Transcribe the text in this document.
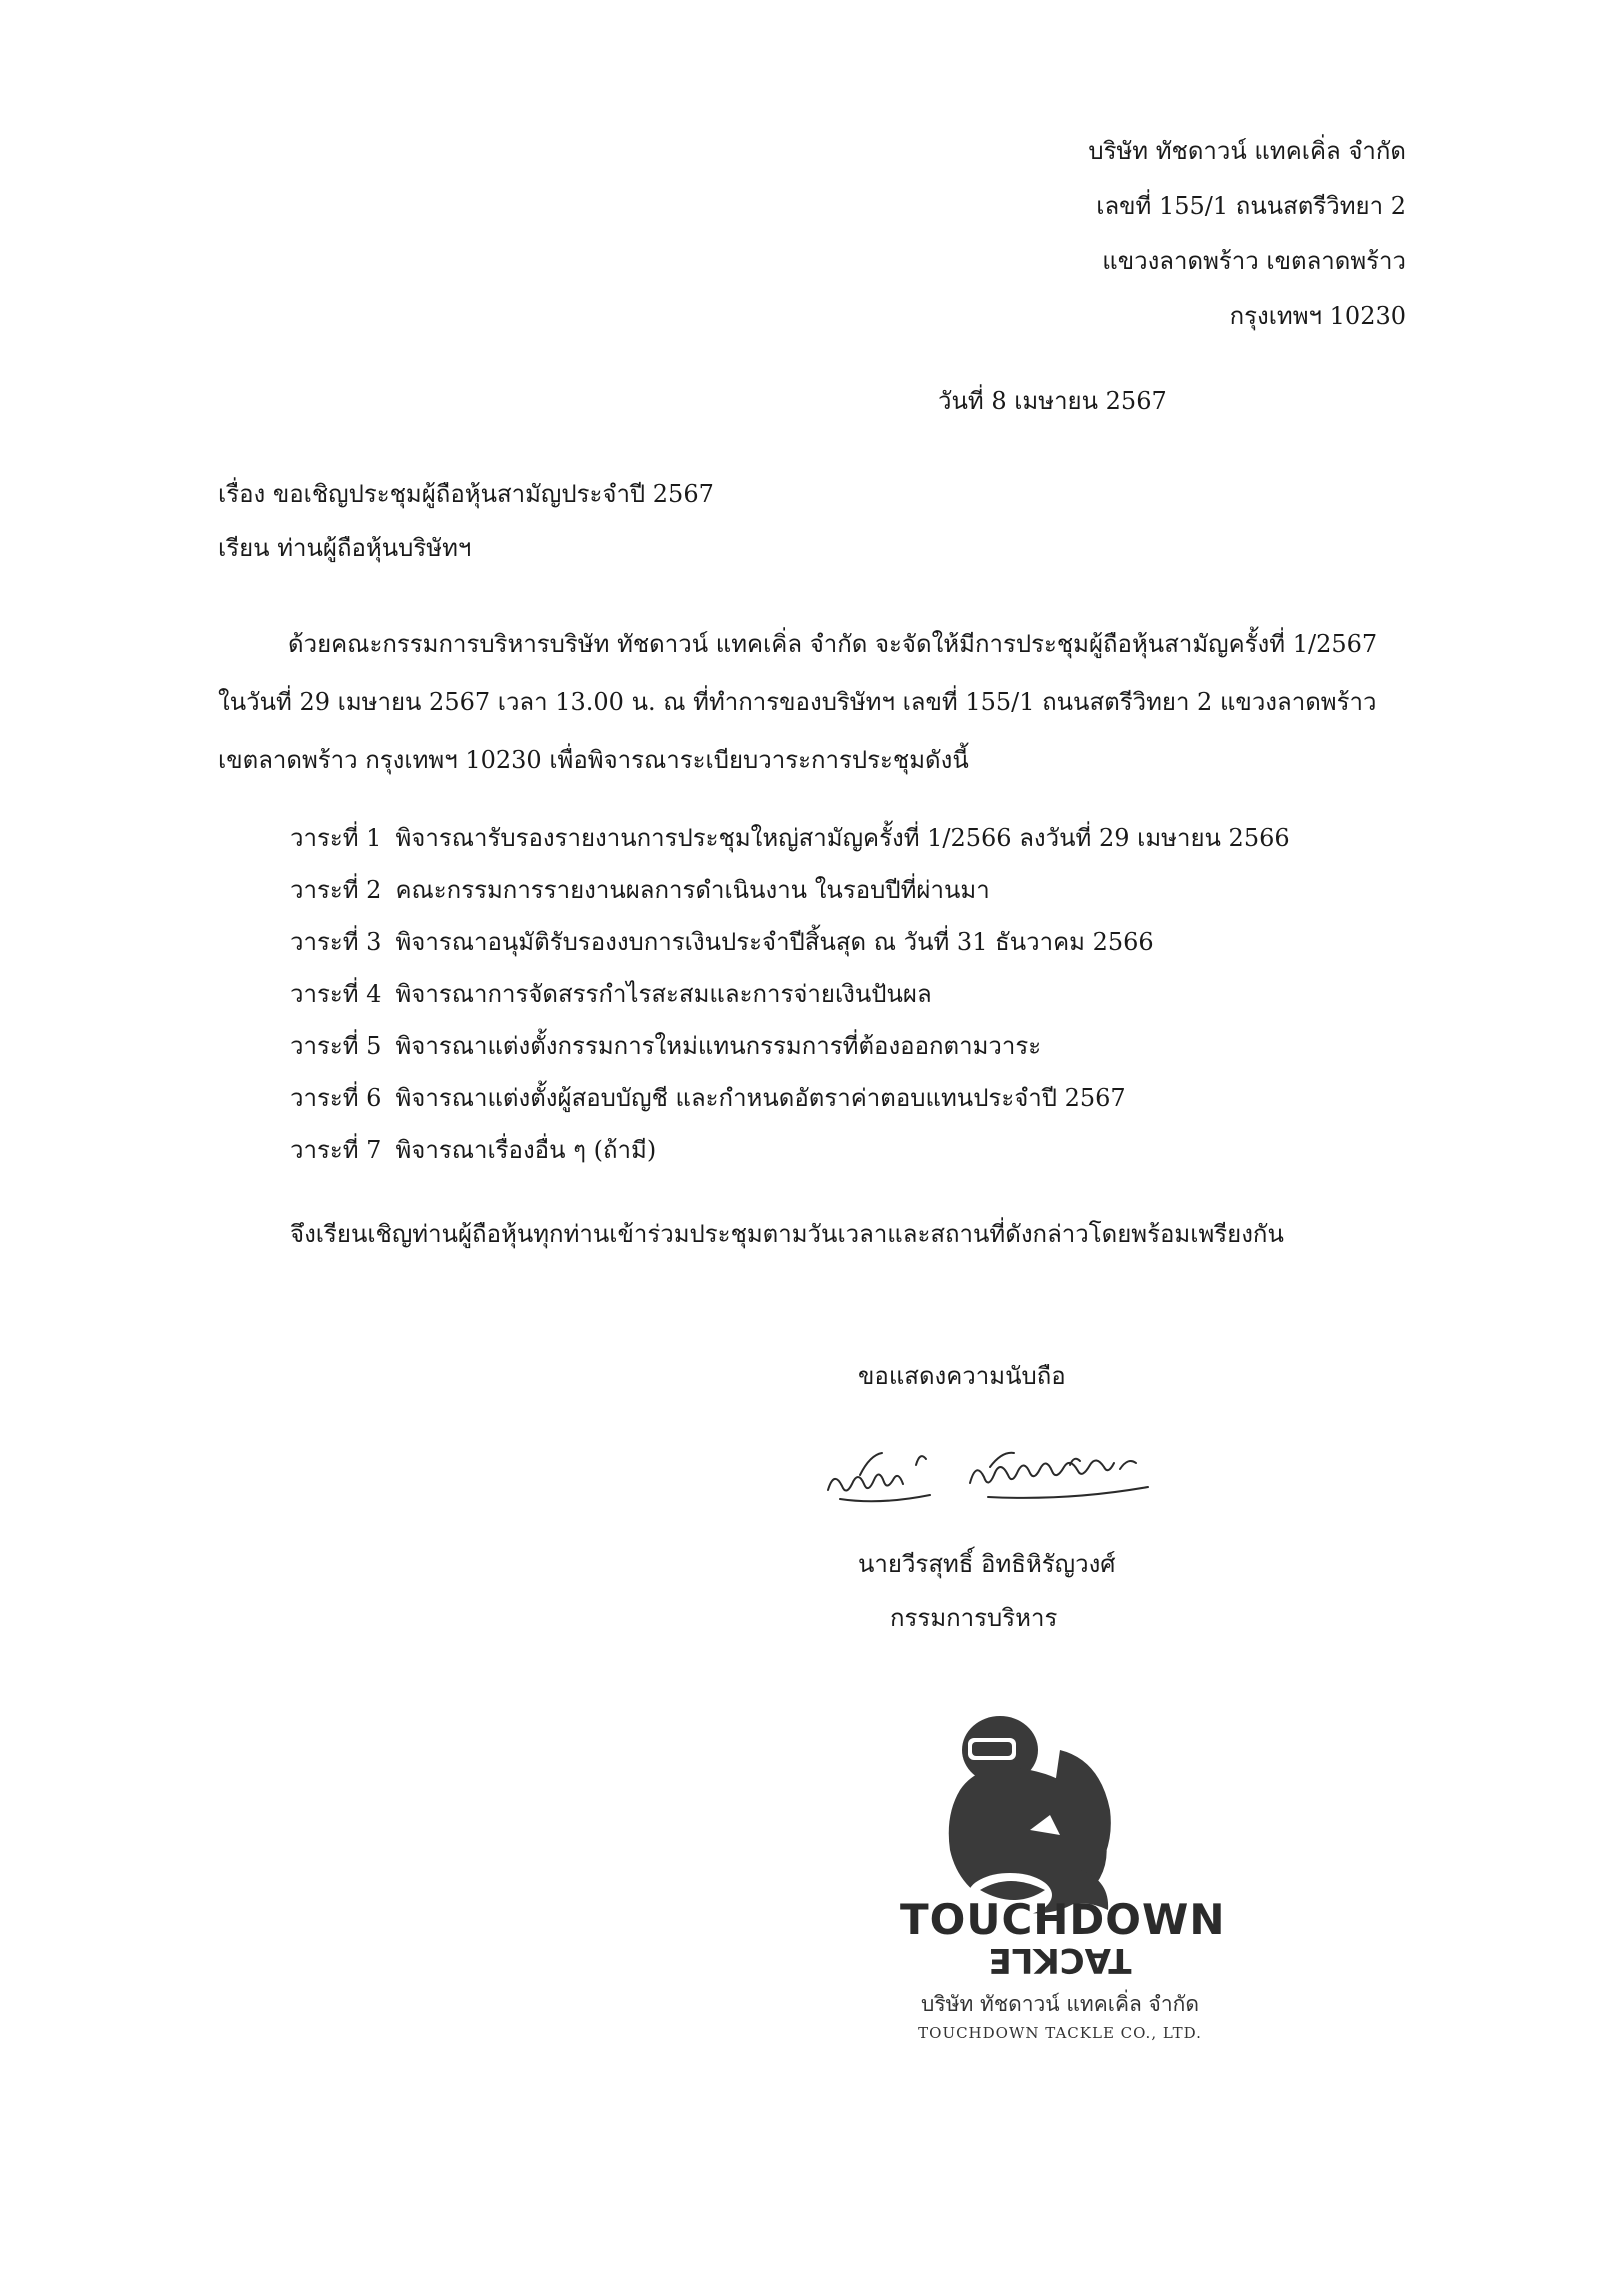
บริษัท ทัชดาวน์ แทคเคิ่ล จำกัด
เลขที่ 155/1 ถนนสตรีวิทยา 2
แขวงลาดพร้าว เขตลาดพร้าว
กรุงเทพฯ 10230
วันที่ 8 เมษายน 2567
เรื่อง ขอเชิญประชุมผู้ถือหุ้นสามัญประจำปี 2567
เรียน ท่านผู้ถือหุ้นบริษัทฯ
ด้วยคณะกรรมการบริหารบริษัท ทัชดาวน์ แทคเคิ่ล จำกัด จะจัดให้มีการประชุมผู้ถือหุ้นสามัญครั้งที่ 1/2567 ในวันที่ 29 เมษายน 2567 เวลา 13.00 น. ณ ที่ทำการของบริษัทฯ เลขที่ 155/1 ถนนสตรีวิทยา 2 แขวงลาดพร้าว เขตลาดพร้าว กรุงเทพฯ 10230 เพื่อพิจารณาระเบียบวาระการประชุมดังนี้
วาระที่ 1 พิจารณารับรองรายงานการประชุมใหญ่สามัญครั้งที่ 1/2566 ลงวันที่ 29 เมษายน 2566
วาระที่ 2 คณะกรรมการรายงานผลการดำเนินงาน ในรอบปีที่ผ่านมา
วาระที่ 3 พิจารณาอนุมัติรับรองงบการเงินประจำปีสิ้นสุด ณ วันที่ 31 ธันวาคม 2566
วาระที่ 4 พิจารณาการจัดสรรกำไรสะสมและการจ่ายเงินปันผล
วาระที่ 5 พิจารณาแต่งตั้งกรรมการใหม่แทนกรรมการที่ต้องออกตามวาระ
วาระที่ 6 พิจารณาแต่งตั้งผู้สอบบัญชี และกำหนดอัตราค่าตอบแทนประจำปี 2567
วาระที่ 7 พิจารณาเรื่องอื่น ๆ (ถ้ามี)
จึงเรียนเชิญท่านผู้ถือหุ้นทุกท่านเข้าร่วมประชุมตามวันเวลาและสถานที่ดังกล่าวโดยพร้อมเพรียงกัน
ขอแสดงความนับถือ
นายวีรสุทธิ์ อิทธิหิรัญวงศ์
กรรมการบริหาร
TOUCHDOWN
TACKLE
บริษัท ทัชดาวน์ แทคเคิ่ล จำกัด
TOUCHDOWN TACKLE CO., LTD.
